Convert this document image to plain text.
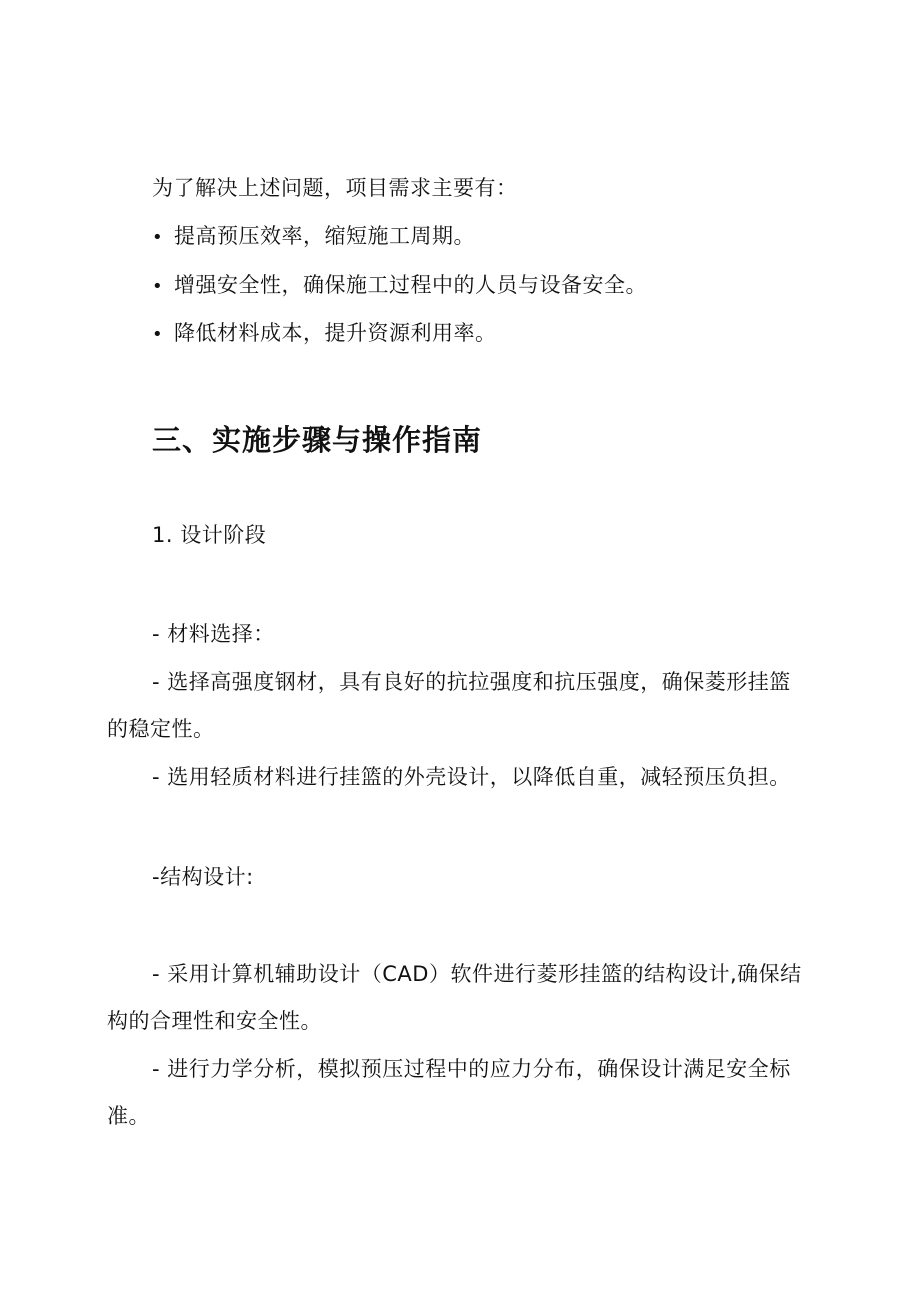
为了解决上述问题，项目需求主要有：
• 提高预压效率，缩短施工周期。
• 增强安全性，确保施工过程中的人员与设备安全。
• 降低材料成本，提升资源利用率。
三、实施步骤与操作指南
1. 设计阶段
- 材料选择：
- 选择高强度钢材，具有良好的抗拉强度和抗压强度，确保菱形挂篮
的稳定性。
- 选用轻质材料进行挂篮的外壳设计，以降低自重，减轻预压负担。
-结构设计:
- 采用计算机辅助设计（CAD）软件进行菱形挂篮的结构设计,确保结
构的合理性和安全性。
- 进行力学分析，模拟预压过程中的应力分布，确保设计满足安全标
准。
